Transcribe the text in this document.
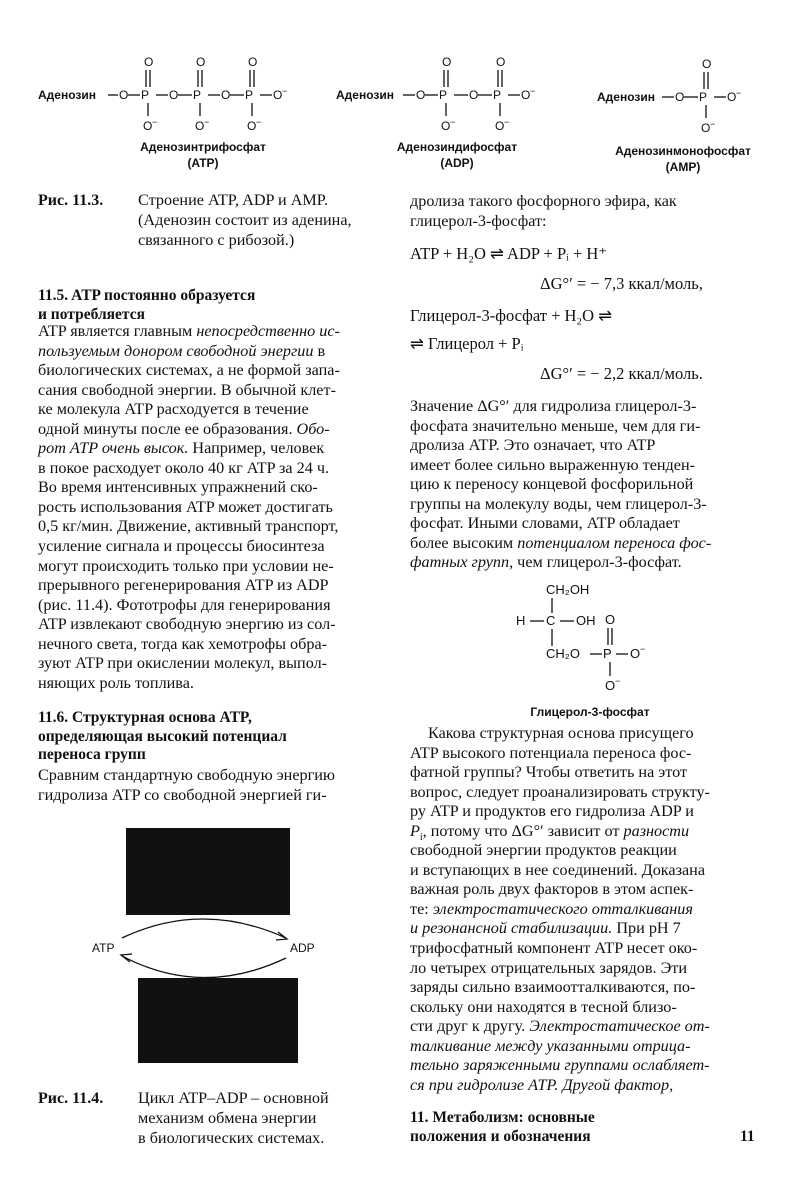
Аденозин O P
O
O −
O P
O
O −
O P
O
O −
O −	Аденозин O P
O
O −
O P
O
O −
O −	Аденозин O P
O
O −
O −
Аденозинтрифосфат
(ATP)
Аденозиндифосфат
(ADP)
Аденозинмонофосфат
(AMP)
Рис. 11.3. Строение ATP, ADP и AMP.
(Аденозин состоит из аденина,
связанного с рибозой.)
11.5. ATP постоянно образуется
и потребляется
ATP является главным непосредственно ис-
пользуемым донором свободной энергии в
биологических системах, а не формой запа-
сания свободной энергии. В обычной клет-
ке молекула ATP расходуется в течение
одной минуты после ее образования. Обо-
рот ATP очень высок. Например, человек
в покое расходует около 40 кг ATP за 24 ч.
Во время интенсивных упражнений ско-
рость использования ATP может достигать
0,5 кг/мин. Движение, активный транспорт,
усиление сигнала и процессы биосинтеза
могут происходить только при условии не-
прерывного регенерирования ATP из ADP
(рис. 11.4). Фототрофы для генерирования
ATP извлекают свободную энергию из сол-
нечного света, тогда как хемотрофы обра-
зуют ATP при окислении молекул, выпол-
няющих роль топлива.
11.6. Структурная основа ATP,
определяющая высокий потенциал
переноса групп
Сравним стандартную свободную энергию
гидролиза ATP со свободной энергией ги-
ATP	ADP
Рис. 11.4. Цикл ATP–ADP – основной
механизм обмена энергии
в биологических системах.
дролиза такого фосфорного эфира, как
глицерол-3-фосфат:
ATP + H₂O ⇌ ADP + Pᵢ + H⁺
ΔG°′ = − 7,3 ккал/моль,
Глицерол-3-фосфат + H₂O ⇌
⇌ Глицерол + Pᵢ
ΔG°′ = − 2,2 ккал/моль.
Значение ΔG°′ для гидролиза глицерол-3-
фосфата значительно меньше, чем для ги-
дролиза ATP. Это означает, что ATP
имеет более сильно выраженную тенден-
цию к переносу концевой фосфорильной
группы на молекулу воды, чем глицерол-3-
фосфат. Иными словами, ATP обладает
более высоким потенциалом переноса фос-
фатных групп, чем глицерол-3-фосфат.
CH₂OH
H C OH
CH₂O P
O
O −
O −
Глицерол-3-фосфат
Какова структурная основа присущего
ATP высокого потенциала переноса фос-
фатной группы? Чтобы ответить на этот
вопрос, следует проанализировать структу-
ру ATP и продуктов его гидролиза ADP и
$P_i$, потому что ΔG°′ зависит от разности
свободной энергии продуктов реакции
и вступающих в нее соединений. Доказана
важная роль двух факторов в этом аспек-
те: электростатического отталкивания
и резонансной стабилизации. При pH 7
трифосфатный компонент ATP несет око-
ло четырех отрицательных зарядов. Эти
заряды сильно взаимоотталкиваются, по-
скольку они находятся в тесной близо-
сти друг к другу. Электростатическое от-
талкивание между указанными отрица-
тельно заряженными группами ослабляет-
ся при гидролизе ATP. Другой фактор,
11. Метаболизм: основные
положения и обозначения	11
